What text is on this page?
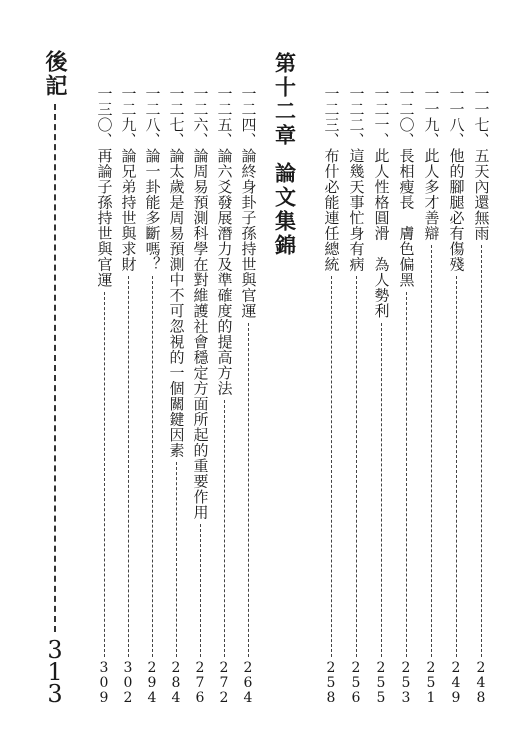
後記
3
1
3
一三〇、再論子孫持世與官運
3
0
9
一二九、論兄弟持世與求財
3
0
2
一二八、論一卦能多斷嗎？
2
9
4
一二七、論太歲是周易預測中不可忽視的一個關鍵因素
2
8
4
一二六、論周易預測科學在對維護社會穩定方面所起的重要作用
2
7
6
一二五、論六爻發展潛力及準確度的提高方法
2
7
2
一二四、論終身卦子孫持世與官運
2
6
4
第十二章論文集錦
一二三、布什必能連任總統
2
5
8
一二二、這幾天事忙身有病
2
5
6
一二一、此人性格圓滑　為人勢利
2
5
5
一二〇、長相瘦長　膚色偏黑
2
5
3
一一九、此人多才善辯
2
5
1
一一八、他的腳腿必有傷殘
2
4
9
一一七、五天內還無雨
2
4
8
